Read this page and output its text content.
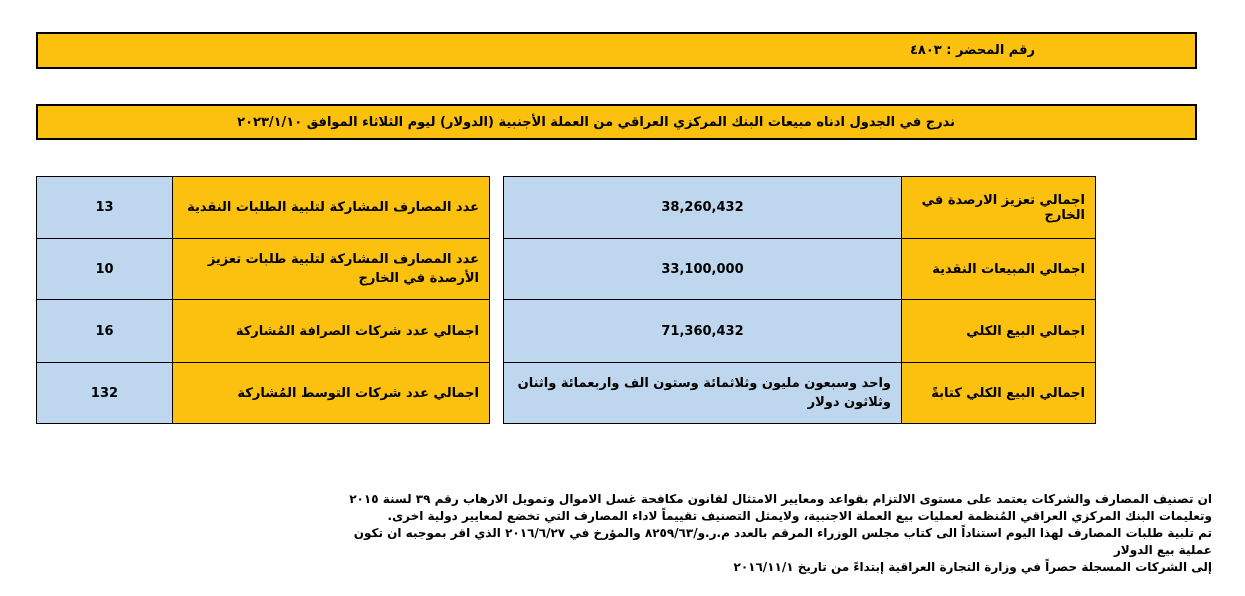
رقم المحضر : ٤٨٠٣
ندرج في الجدول ادناه مبيعات البنك المركزي العراقي من العملة الأجنبية (الدولار) ليوم الثلاثاء الموافق ٢٠٢٣/١/١٠
اجمالي تعزيز الارصدة في الخارج	38,260,432
اجمالي المبيعات النقدية	33,100,000
اجمالي البيع الكلي	71,360,432
اجمالي البيع الكلي كتابةً	واحد وسبعون مليون وثلاثمائة وستون الف واربعمائة واثنان وثلاثون دولار
عدد المصارف المشاركة لتلبية الطلبات النقدية	13
عدد المصارف المشاركة لتلبية طلبات تعزيز الأرصدة في الخارج	10
اجمالي عدد شركات الصرافة المُشاركة	16
اجمالي عدد شركات التوسط المُشاركة	132

ان تصنيف المصارف والشركات يعتمد على مستوى الالتزام بقواعد ومعايير الامتثال لقانون مكافحة غسل الاموال وتمويل الارهاب رقم ٣٩ لسنة ٢٠١٥

وتعليمات البنك المركزي العراقي المُنظمة لعمليات بيع العملة الاجنبية، ولايمثل التصنيف تقييماً لاداء المصارف التي تخضع لمعايير دولية اخرى.

تم تلبية طلبات المصارف لهذا اليوم استناداً الى كتاب مجلس الوزراء المرقم بالعدد م.ر.و/٨٢٥٩/٦٣ والمؤرخ في ٢٠١٦/٦/٢٧ الذي اقر بموجبه ان تكون عملية بيع الدولار

إلى الشركات المسجلة حصراً في وزارة التجارة العراقية إبتداءً من تاريخ ٢٠١٦/١١/١
